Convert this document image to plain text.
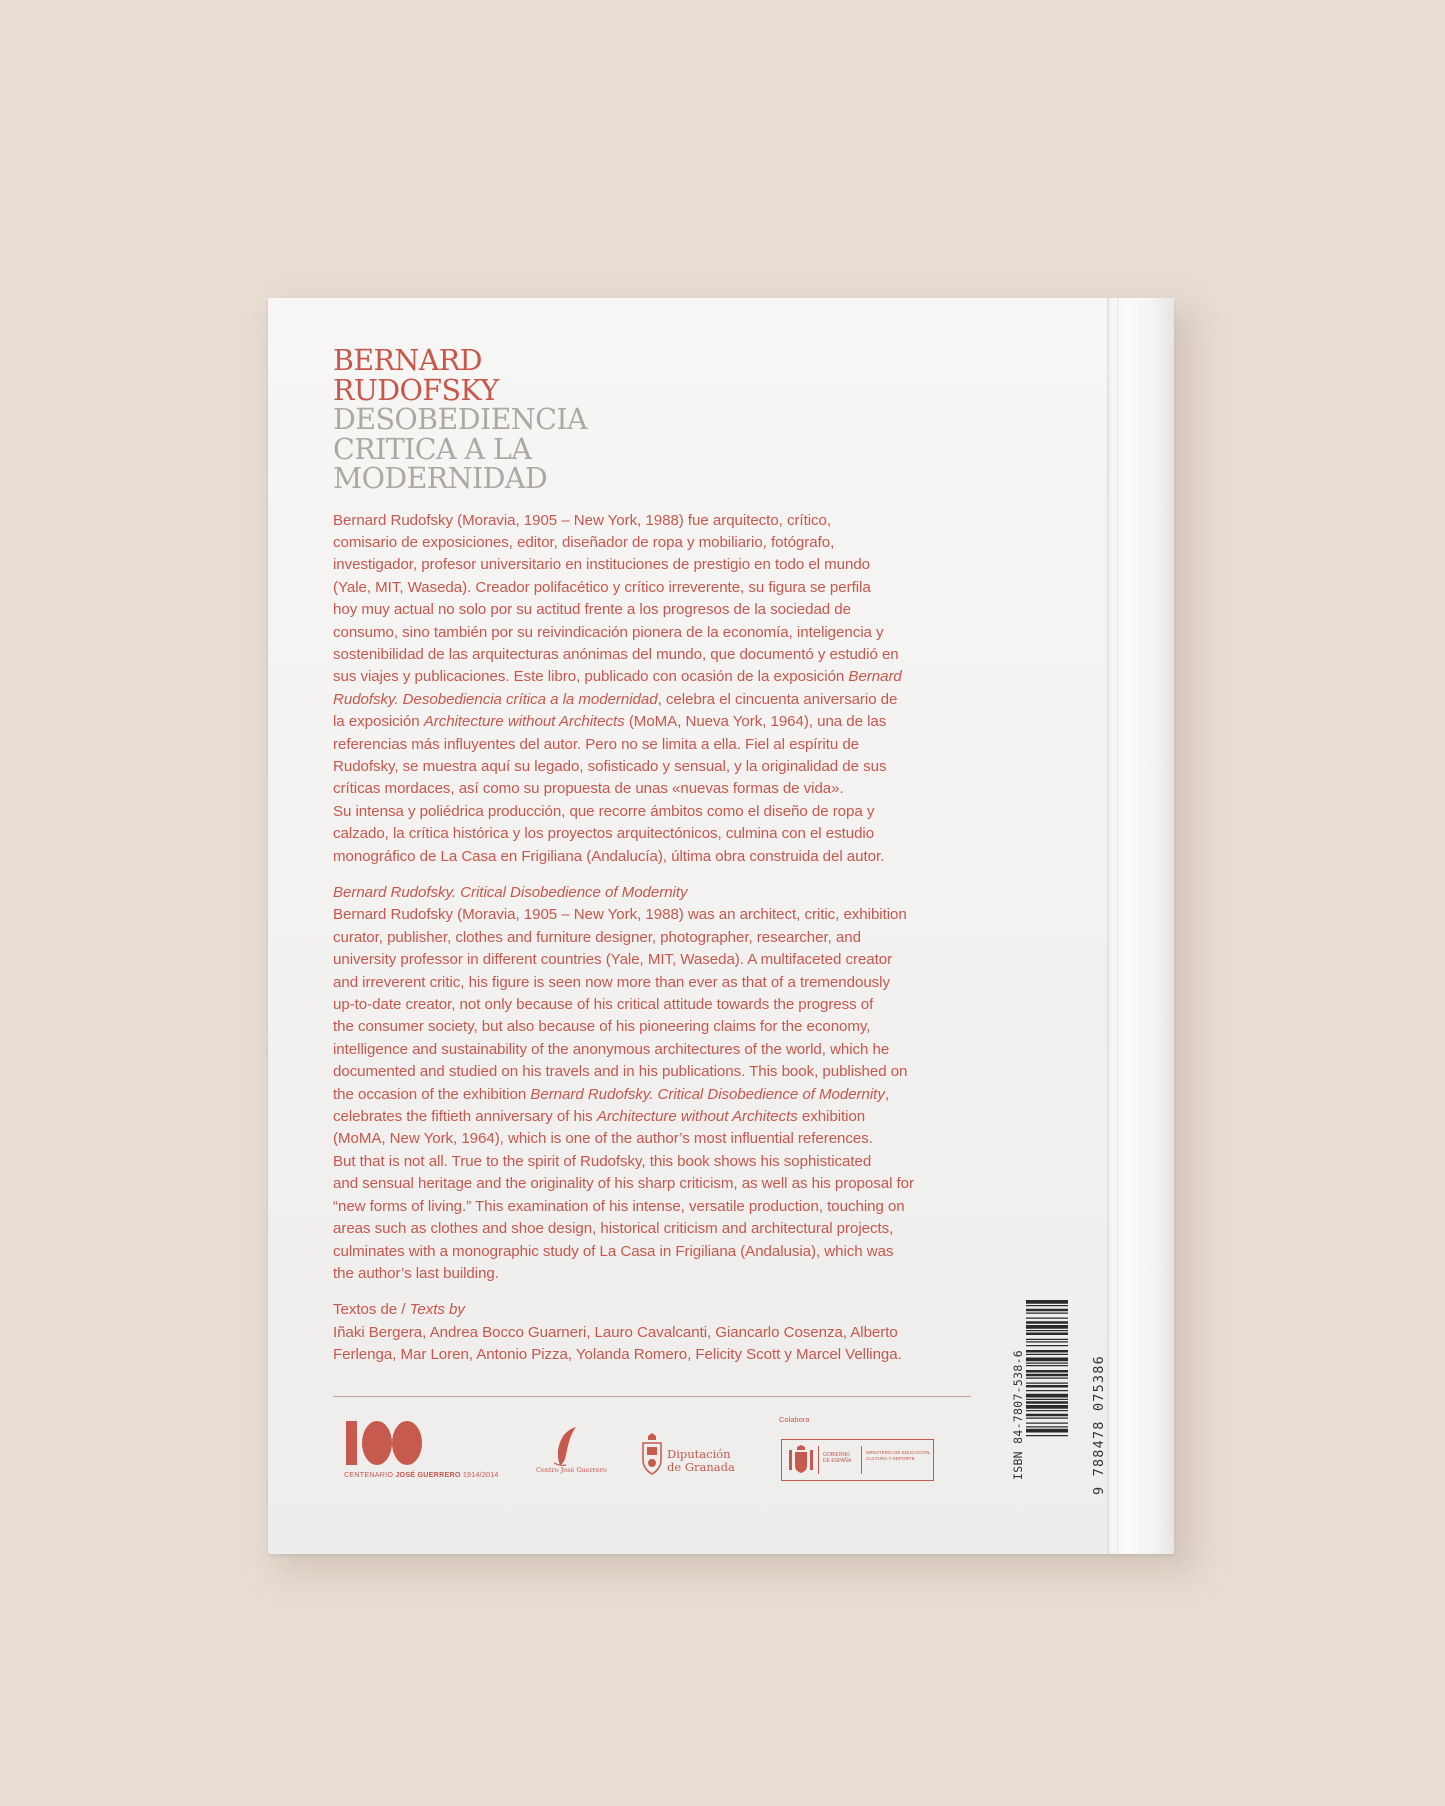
BERNARD
RUDOFSKY
DESOBEDIENCIA
CRITICA A LA
MODERNIDAD
Bernard Rudofsky (Moravia, 1905 – New York, 1988) fue arquitecto, crítico,
comisario de exposiciones, editor, diseñador de ropa y mobiliario, fotógrafo,
investigador, profesor universitario en instituciones de prestigio en todo el mundo
(Yale, MIT, Waseda). Creador polifacético y crítico irreverente, su figura se perfila
hoy muy actual no solo por su actitud frente a los progresos de la sociedad de
consumo, sino también por su reivindicación pionera de la economía, inteligencia y
sostenibilidad de las arquitecturas anónimas del mundo, que documentó y estudió en
sus viajes y publicaciones. Este libro, publicado con ocasión de la exposición Bernard
Rudofsky. Desobediencia crítica a la modernidad, celebra el cincuenta aniversario de
la exposición Architecture without Architects (MoMA, Nueva York, 1964), una de las
referencias más influyentes del autor. Pero no se limita a ella. Fiel al espíritu de
Rudofsky, se muestra aquí su legado, sofisticado y sensual, y la originalidad de sus
críticas mordaces, así como su propuesta de unas «nuevas formas de vida».
Su intensa y poliédrica producción, que recorre ámbitos como el diseño de ropa y
calzado, la crítica histórica y los proyectos arquitectónicos, culmina con el estudio
monográfico de La Casa en Frigiliana (Andalucía), última obra construida del autor.
Bernard Rudofsky. Critical Disobedience of Modernity
Bernard Rudofsky (Moravia, 1905 – New York, 1988) was an architect, critic, exhibition
curator, publisher, clothes and furniture designer, photographer, researcher, and
university professor in different countries (Yale, MIT, Waseda). A multifaceted creator
and irreverent critic, his figure is seen now more than ever as that of a tremendously
up-to-date creator, not only because of his critical attitude towards the progress of
the consumer society, but also because of his pioneering claims for the economy,
intelligence and sustainability of the anonymous architectures of the world, which he
documented and studied on his travels and in his publications. This book, published on
the occasion of the exhibition Bernard Rudofsky. Critical Disobedience of Modernity,
celebrates the fiftieth anniversary of his Architecture without Architects exhibition
(MoMA, New York, 1964), which is one of the author’s most influential references.
But that is not all. True to the spirit of Rudofsky, this book shows his sophisticated
and sensual heritage and the originality of his sharp criticism, as well as his proposal for
“new forms of living.” This examination of his intense, versatile production, touching on
areas such as clothes and shoe design, historical criticism and architectural projects,
culminates with a monographic study of La Casa in Frigiliana (Andalusia), which was
the author’s last building.
Textos de / Texts by
Iñaki Bergera, Andrea Bocco Guarneri, Lauro Cavalcanti, Giancarlo Cosenza, Alberto
Ferlenga, Mar Loren, Antonio Pizza, Yolanda Romero, Felicity Scott y Marcel Vellinga.
CENTENARIO JOSÉ GUERRERO 1914/2014	Centro José Guerrero
Diputación
de Granada
Colabora
GOBIERNO
DE ESPAÑA
MINISTERIO DE EDUCACIÓN, CULTURA Y DEPORTE	ISBN 84-7807-538-6	9 788478 075386
